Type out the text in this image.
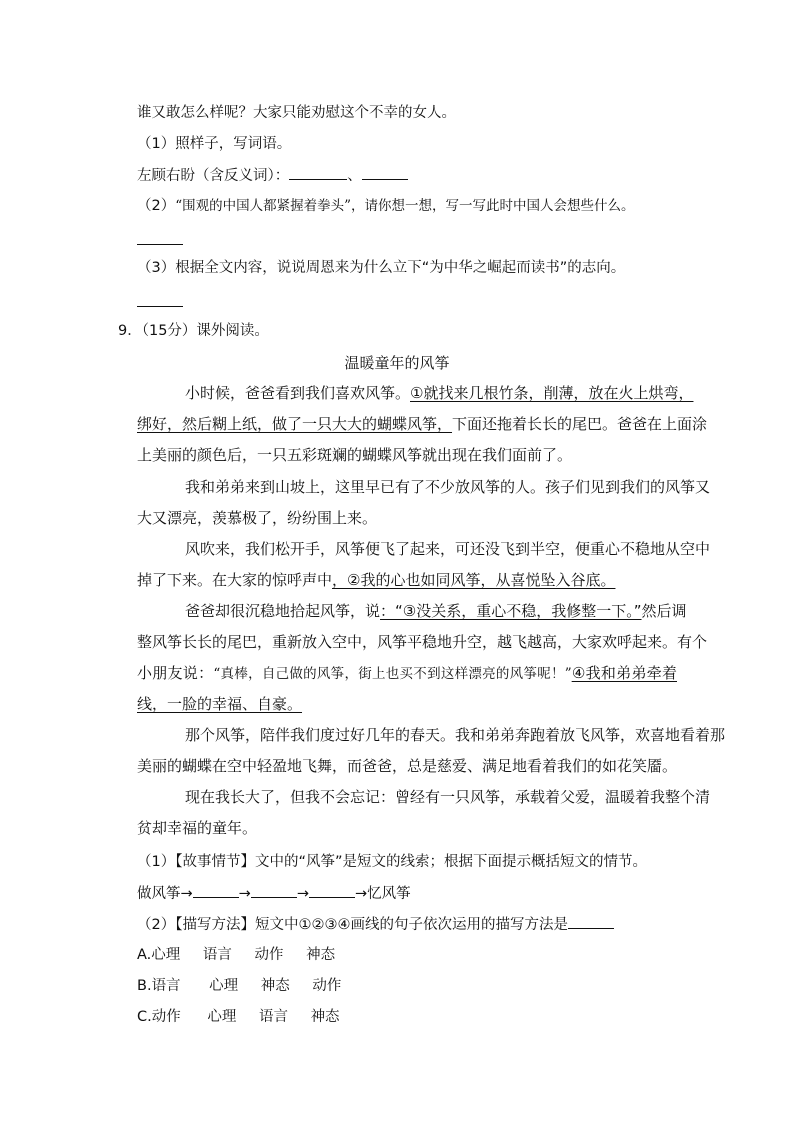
谁又敢怎么样呢？大家只能劝慰这个不幸的女人。
（1）照样子，写词语。
左顾右盼（含反义词）：	、
（2）“围观的中国人都紧握着拳头”，请你想一想，写一写此时中国人会想些什么。
（3）根据全文内容，说说周恩来为什么立下“为中华之崛起而读书”的志向。
9．（15分）课外阅读。
温暖童年的风筝
小时候，爸爸看到我们喜欢风筝。①就找来几根竹条，削薄，放在火上烘弯，
绑好，然后糊上纸，做了一只大大的蝴蝶风筝，下面还拖着长长的尾巴。爸爸在上面涂
上美丽的颜色后，一只五彩斑斓的蝴蝶风筝就出现在我们面前了。
我和弟弟来到山坡上，这里早已有了不少放风筝的人。孩子们见到我们的风筝又
大又漂亮，羡慕极了，纷纷围上来。
风吹来，我们松开手，风筝便飞了起来，可还没飞到半空，便重心不稳地从空中
掉了下来。在大家的惊呼声中，②我的心也如同风筝，从喜悦坠入谷底。
爸爸却很沉稳地拾起风筝，说：“③没关系，重心不稳，我修整一下。”然后调
整风筝长长的尾巴，重新放入空中，风筝平稳地升空，越飞越高，大家欢呼起来。有个
小朋友说：“真棒，自己做的风筝，街上也买不到这样漂亮的风筝呢！”④我和弟弟牵着
线，一脸的幸福、自豪。
那个风筝，陪伴我们度过好几年的春天。我和弟弟奔跑着放飞风筝，欢喜地看着那
美丽的蝴蝶在空中轻盈地飞舞，而爸爸，总是慈爱、满足地看着我们的如花笑靥。
现在我长大了，但我不会忘记：曾经有一只风筝，承载着父爱，温暖着我整个清
贫却幸福的童年。
（1）【故事情节】文中的“风筝”是短文的线索；根据下面提示概括短文的情节。
做风筝→	→	→	→忆风筝
（2）【描写方法】短文中①②③④画线的句子依次运用的描写方法是
A.心理 语言 动作 神态
B.语言 心理 神态 动作
C.动作 心理 语言 神态
